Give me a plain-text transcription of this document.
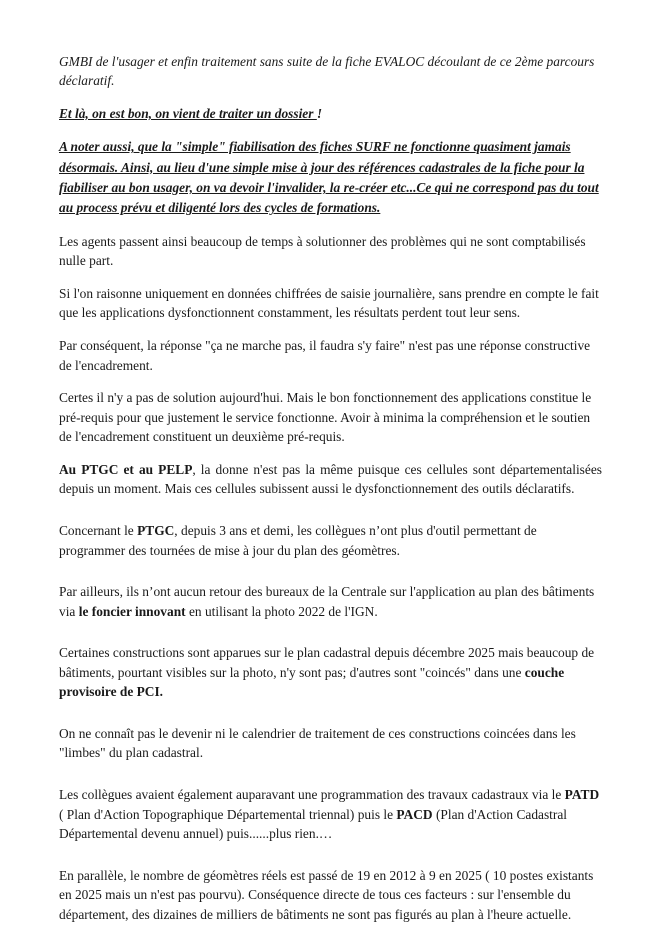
GMBI de l'usager et enfin traitement sans suite de la fiche EVALOC découlant de ce 2ème parcours déclaratif.

Et là, on est bon, on vient de traiter un dossier !

A noter aussi, que la "simple" fiabilisation des fiches SURF ne fonctionne quasiment jamais désormais. Ainsi, au lieu d'une simple mise à jour des références cadastrales de la fiche pour la fiabiliser au bon usager, on va devoir l'invalider, la re-créer etc...Ce qui ne correspond pas du tout au process prévu et diligenté lors des cycles de formations.

Les agents passent ainsi beaucoup de temps à solutionner des problèmes qui ne sont comptabilisés nulle part.

Si l'on raisonne uniquement en données chiffrées de saisie journalière, sans prendre en compte le fait que les applications dysfonctionnent constamment, les résultats perdent tout leur sens.

Par conséquent, la réponse "ça ne marche pas, il faudra s'y faire" n'est pas une réponse constructive de l'encadrement.

Certes il n'y a pas de solution aujourd'hui. Mais le bon fonctionnement des applications constitue le pré-requis pour que justement le service fonctionne. Avoir à minima la compréhension et le soutien de l'encadrement constituent un deuxième pré-requis.

Au PTGC et au PELP, la donne n'est pas la même puisque ces cellules sont départementalisées depuis un moment. Mais ces cellules subissent aussi le dysfonctionnement des outils déclaratifs.

Concernant le PTGC, depuis 3 ans et demi, les collègues n’ont plus d'outil permettant de programmer des tournées de mise à jour du plan des géomètres.

Par ailleurs, ils n’ont aucun retour des bureaux de la Centrale sur l'application au plan des bâtiments via le foncier innovant en utilisant la photo 2022 de l'IGN.

Certaines constructions sont apparues sur le plan cadastral depuis décembre 2025 mais beaucoup de bâtiments, pourtant visibles sur la photo, n'y sont pas; d'autres sont "coincés" dans une couche provisoire de PCI.

On ne connaît pas le devenir ni le calendrier de traitement de ces constructions coincées dans les "limbes" du plan cadastral.

Les collègues avaient également auparavant une programmation des travaux cadastraux via le PATD ( Plan d'Action Topographique Départemental triennal) puis le PACD (Plan d'Action Cadastral Départemental devenu annuel) puis......plus rien.…

En parallèle, le nombre de géomètres réels est passé de 19 en 2012 à 9 en 2025 ( 10 postes existants en 2025 mais un n'est pas pourvu). Conséquence directe de tous ces facteurs : sur l'ensemble du département, des dizaines de milliers de bâtiments ne sont pas figurés au plan à l'heure actuelle.
